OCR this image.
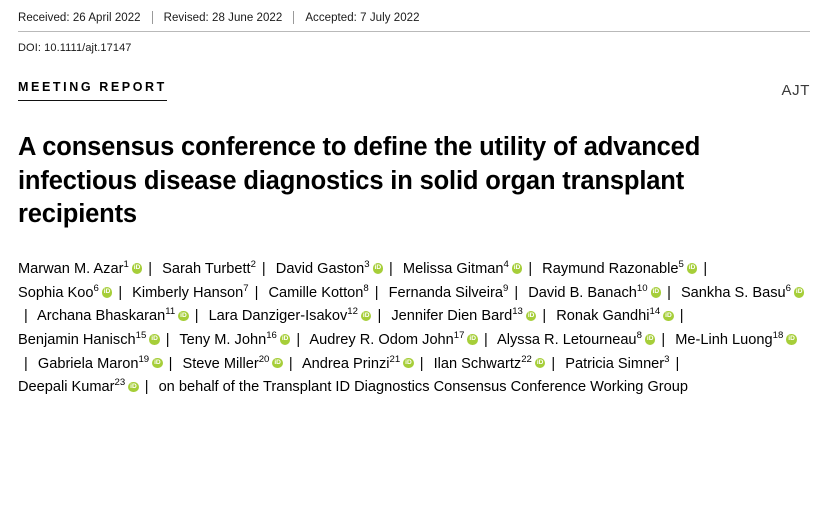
Received: 26 April 2022 Revised: 28 June 2022 Accepted: 7 July 2022
DOI: 10.1111/ajt.17147
MEETING REPORT	AJT
A consensus conference to define the utility of advanced infectious disease diagnostics in solid organ transplant recipients
Marwan M. Azar$^1$ iD | Sarah Turbett$^2$ | David Gaston$^3$ iD | Melissa Gitman$^4$ iD | Raymund Razonable$^5$ iD | Sophia Koo$^6$ iD | Kimberly Hanson$^7$ | Camille Kotton$^8$ | Fernanda Silveira$^9$ | David B. Banach$^{10}$ iD | Sankha S. Basu$^6$iD| Archana Bhaskaran$^{11}$ iD | Lara Danziger-Isakov$^{12}$ iD | Jennifer Dien Bard$^{13}$ iD | Ronak Gandhi$^{14}$ iD | Benjamin Hanisch$^{15}$ iD | Teny M. John$^{16}$ iD | Audrey R. Odom John$^{17}$ iD | Alyssa R. Letourneau$^8$ iD | Me-Linh Luong$^{18}$iD| Gabriela Maron$^{19}$ iD | Steve Miller$^{20}$ iD | Andrea Prinzi$^{21}$ iD | Ilan Schwartz$^{22}$ iD | Patricia Simner$^3$ | Deepali Kumar$^{23}$ iD | on behalf of the Transplant ID Diagnostics Consensus Conference Working Group
